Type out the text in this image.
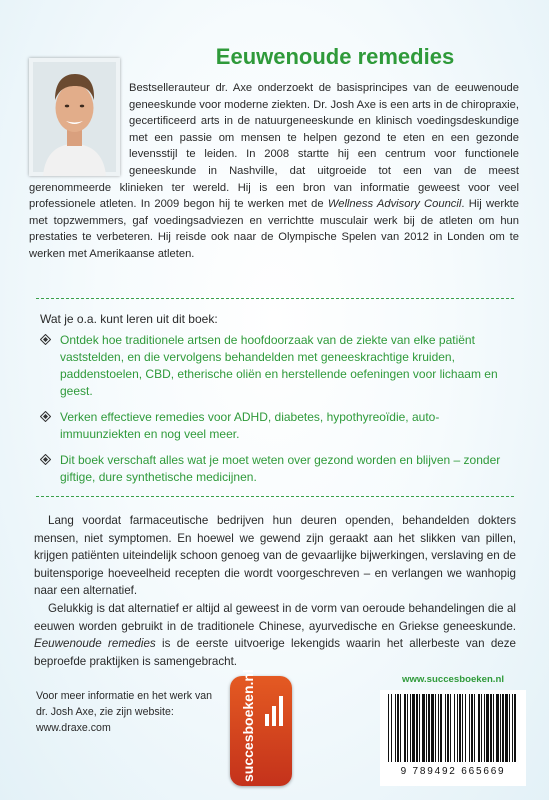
Eeuwenoude remedies

Bestsellerauteur dr. Axe onderzoekt de basisprincipes van de eeuwenoude geneeskunde voor moderne ziekten. Dr. Josh Axe is een arts in de chiropraxie, gecertificeerd arts in de natuurgeneeskunde en klinisch voedingsdeskundige met een passie om mensen te helpen gezond te eten en een gezonde levensstijl te leiden. In 2008 startte hij een centrum voor functionele geneeskunde in Nashville, dat uitgroeide tot een van de meest gerenommeerde klinieken ter wereld. Hij is een bron van informatie geweest voor veel professionele atleten. In 2009 begon hij te werken met de Wellness Advisory Council. Hij werkte met topzwemmers, gaf voedingsadviezen en verrichtte musculair werk bij de atleten om hun prestaties te verbeteren. Hij reisde ook naar de Olympische Spelen van 2012 in Londen om te werken met Amerikaanse atleten.

Wat je o.a. kunt leren uit dit boek:

Ontdek hoe traditionele artsen de hoofdoorzaak van de ziekte van elke patiënt vaststelden, en die vervolgens behandelden met geneeskrachtige kruiden, paddenstoelen, CBD, etherische oliën en herstellende oefeningen voor lichaam en geest.
Verken effectieve remedies voor ADHD, diabetes, hypothyreoïdie, autoimmuunziekten en nog veel meer.
Dit boek verschaft alles wat je moet weten over gezond worden en blijven – zonder giftige, dure synthetische medicijnen.

Lang voordat farmaceutische bedrijven hun deuren openden, behandelden dokters mensen, niet symptomen. En hoewel we gewend zijn geraakt aan het slikken van pillen, krijgen patiënten uiteindelijk schoon genoeg van de gevaarlijke bijwerkingen, verslaving en de buitensporige hoeveelheid recepten die wordt voorgeschreven – en verlangen we wanhopig naar een alternatief.

Gelukkig is dat alternatief er altijd al geweest in de vorm van oeroude behandelingen die al eeuwen worden gebruikt in de traditionele Chinese, ayurvedische en Griekse geneeskunde. Eeuwenoude remedies is de eerste uitvoerige lekengids waarin het allerbeste van deze beproefde praktijken is samengebracht.

Voor meer informatie en het werk van dr. Josh Axe, zie zijn website: www.draxe.com	succesboeken.nl	www.succesboeken.nl
9 789492 665669
